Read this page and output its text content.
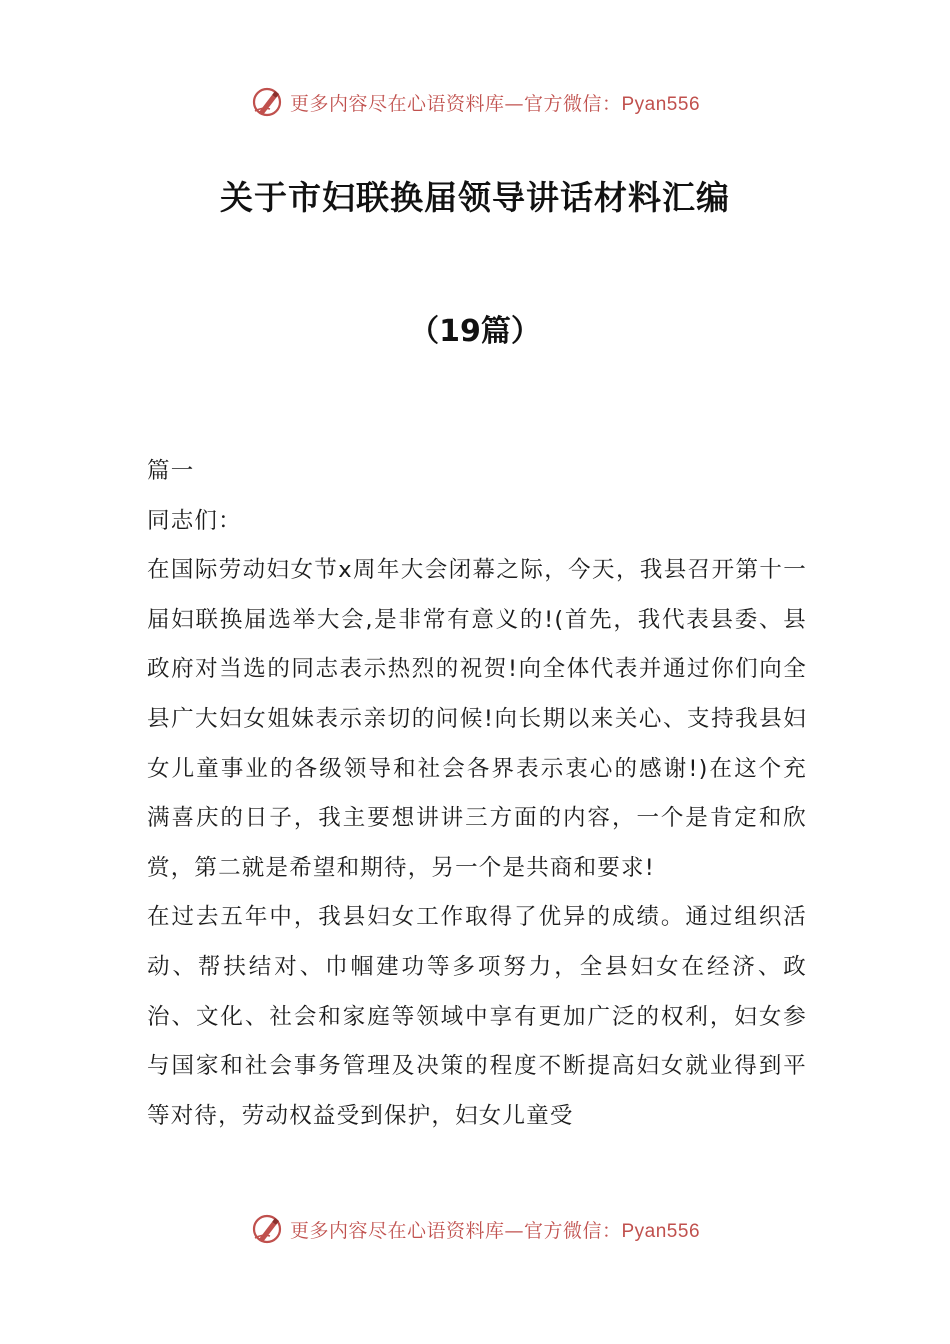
更多内容尽在心语资料库—官方微信：Pyan556
关于市妇联换届领导讲话材料汇编
（19篇）

篇一

同志们：

在国际劳动妇女节x周年大会闭幕之际，今天，我县召开第十一届妇联换届选举大会,是非常有意义的!(首先，我代表县委、县政府对当选的同志表示热烈的祝贺!向全体代表并通过你们向全县广大妇女姐妹表示亲切的问候!向长期以来关心、支持我县妇女儿童事业的各级领导和社会各界表示衷心的感谢!)在这个充满喜庆的日子，我主要想讲讲三方面的内容，一个是肯定和欣赏，第二就是希望和期待，另一个是共商和要求!

在过去五年中，我县妇女工作取得了优异的成绩。通过组织活动、帮扶结对、巾帼建功等多项努力，全县妇女在经济、政治、文化、社会和家庭等领域中享有更加广泛的权利，妇女参与国家和社会事务管理及决策的程度不断提高妇女就业得到平等对待，劳动权益受到保护，妇女儿童受

更多内容尽在心语资料库—官方微信：Pyan556
